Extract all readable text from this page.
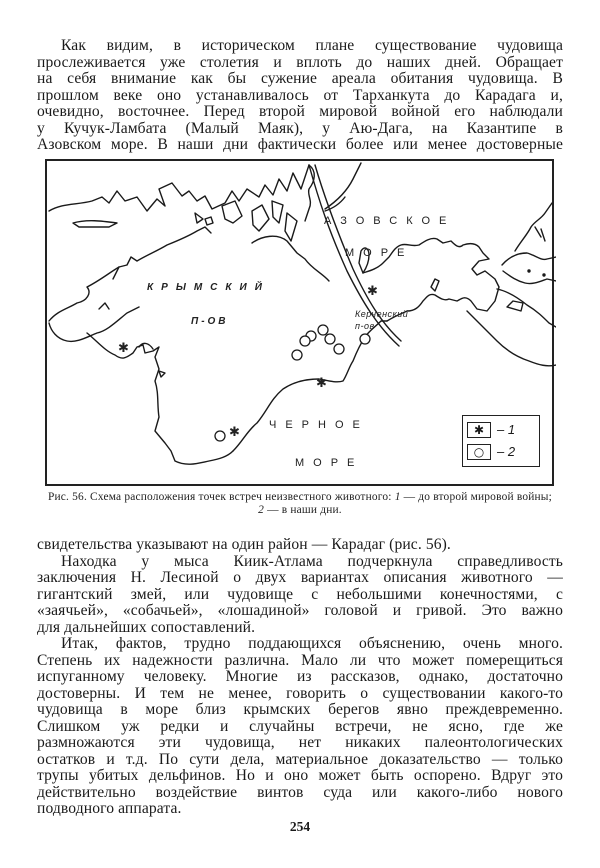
Как видим, в историческом плане существование чудовища
прослеживается уже столетия и вплоть до наших дней. Обращает
на себя внимание как бы сужение ареала обитания чудовища. В
прошлом веке оно устанавливалось от Тарханкута до Карадага и,
очевидно, восточнее. Перед второй мировой войной его наблюдали
у Кучук-Ламбата (Малый Маяк), у Аю-Дага, на Казантипе в
Азовском море. В наши дни фактически более или менее достоверные
✱
✱
✱
✱
АЗОВСКОЕ
МОРЕ
КРЫМСКИЙ
П-ОВ
Керченский
п-ов
ЧЕРНОЕ
МОРЕ
✱ – 1
○ – 2
Рис. 56. Схема расположения точек встреч неизвестного животного: 1 — до второй мировой войны; 2 — в наши дни.
свидетельства указывают на один район — Карадаг (рис. 56).
Находка у мыса Киик-Атлама подчеркнула справедливость
заключения Н. Лесиной о двух вариантах описания животного —
гигантский змей, или чудовище с небольшими конечностями, с
«заячьей», «собачьей», «лошадиной» головой и гривой. Это важно
для дальнейших сопоставлений.
Итак, фактов, трудно поддающихся объяснению, очень много.
Степень их надежности различна. Мало ли что может померещиться
испуганному человеку. Многие из рассказов, однако, достаточно
достоверны. И тем не менее, говорить о существовании какого-то
чудовища в море близ крымских берегов явно преждевременно.
Слишком уж редки и случайны встречи, не ясно, где же
размножаются эти чудовища, нет никаких палеонтологических
остатков и т.д. По сути дела, материальное доказательство — только
трупы убитых дельфинов. Но и оно может быть оспорено. Вдруг это
действительно воздействие винтов суда или какого-либо нового
подводного аппарата.
254
